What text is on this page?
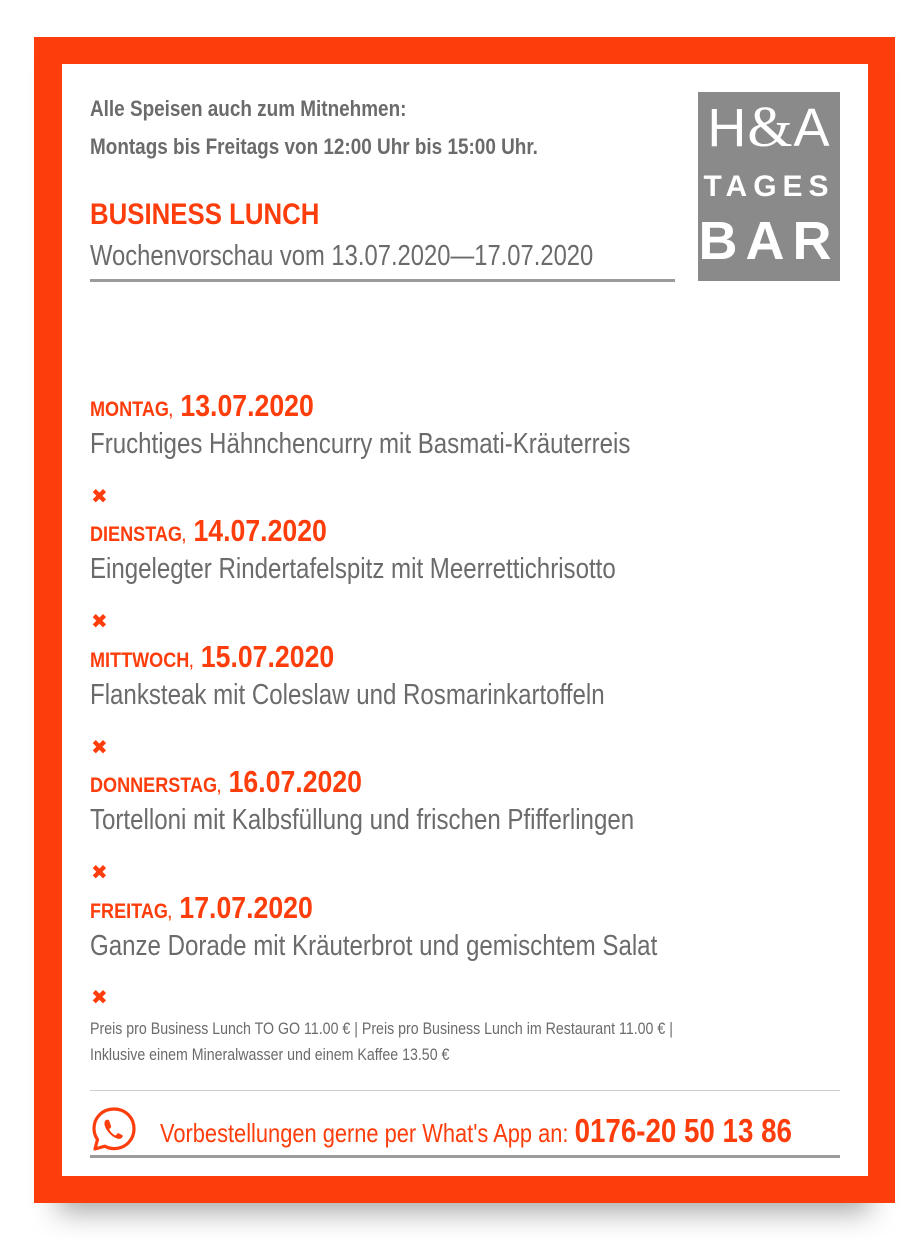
Alle Speisen auch zum Mitnehmen:
Montags bis Freitags von 12:00 Uhr bis 15:00 Uhr.
BUSINESS LUNCH
Wochenvorschau vom 13.07.2020—17.07.2020
H&A
TAGES
BAR
MONTAG,  13.07.2020
Fruchtiges Hähnchencurry mit Basmati-Kräuterreis
✖
DIENSTAG,  14.07.2020
Eingelegter Rindertafelspitz mit Meerrettichrisotto
✖
MITTWOCH,  15.07.2020
Flanksteak mit Coleslaw und Rosmarinkartoffeln
✖
DONNERSTAG,  16.07.2020
Tortelloni mit Kalbsfüllung und frischen Pfifferlingen
✖
FREITAG,  17.07.2020
Ganze Dorade mit Kräuterbrot und gemischtem Salat
✖
Preis pro Business Lunch TO GO 11.00 € | Preis pro Business Lunch im Restaurant 11.00 € |
Inklusive einem Mineralwasser und einem Kaffee 13.50 €
Vorbestellungen gerne per What's App an: 0176-20 50 13 86
